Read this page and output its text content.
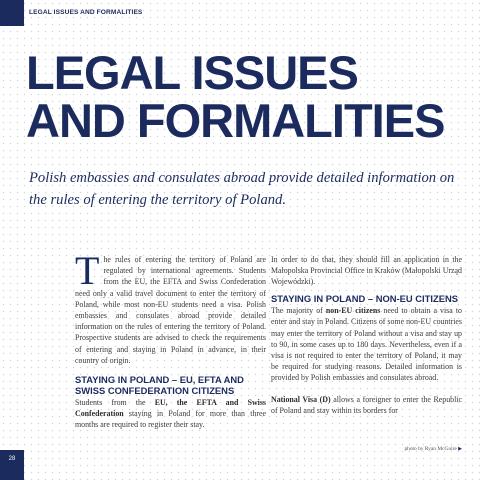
28
LEGAL ISSUES AND FORMALITIES
LEGAL ISSUES
AND FORMALITIES

Polish embassies and consulates abroad provide detailed information on the rules of entering the territory of Poland.

The rules of entering the territory of Poland are regulated by international agreements. Students from the EU, the EFTA and Swiss Confederation need only a valid travel document to enter the territory of Poland, while most non-EU students need a visa. Polish embassies and consulates abroad provide detailed information on the rules of entering the territory of Poland. Prospective students are advised to check the requirements of entering and staying in Poland in advance, in their country of origin.

STAYING IN POLAND – EU, EFTA AND SWISS CONFEDERATION CITIZENS

Students from the EU, the EFTA and Swiss Confederation staying in Poland for more than three months are required to register their stay.

In order to do that, they should fill an application in the Małopolska Provincial Office in Kraków (Małopolski Urząd Wojewódzki).

STAYING IN POLAND – NON-EU CITIZENS

The majority of non-EU citizens need to obtain a visa to enter and stay in Poland. Citizens of some non-EU countries may enter the territory of Poland without a visa and stay up to 90, in some cases up to 180 days. Nevertheless, even if a visa is not required to enter the territory of Poland, it may be required for studying reasons. Detailed information is provided by Polish embassies and consulates abroad.

National Visa (D) allows a foreigner to enter the Republic of Poland and stay within its borders for

photo by Ryan McGuire ▶
